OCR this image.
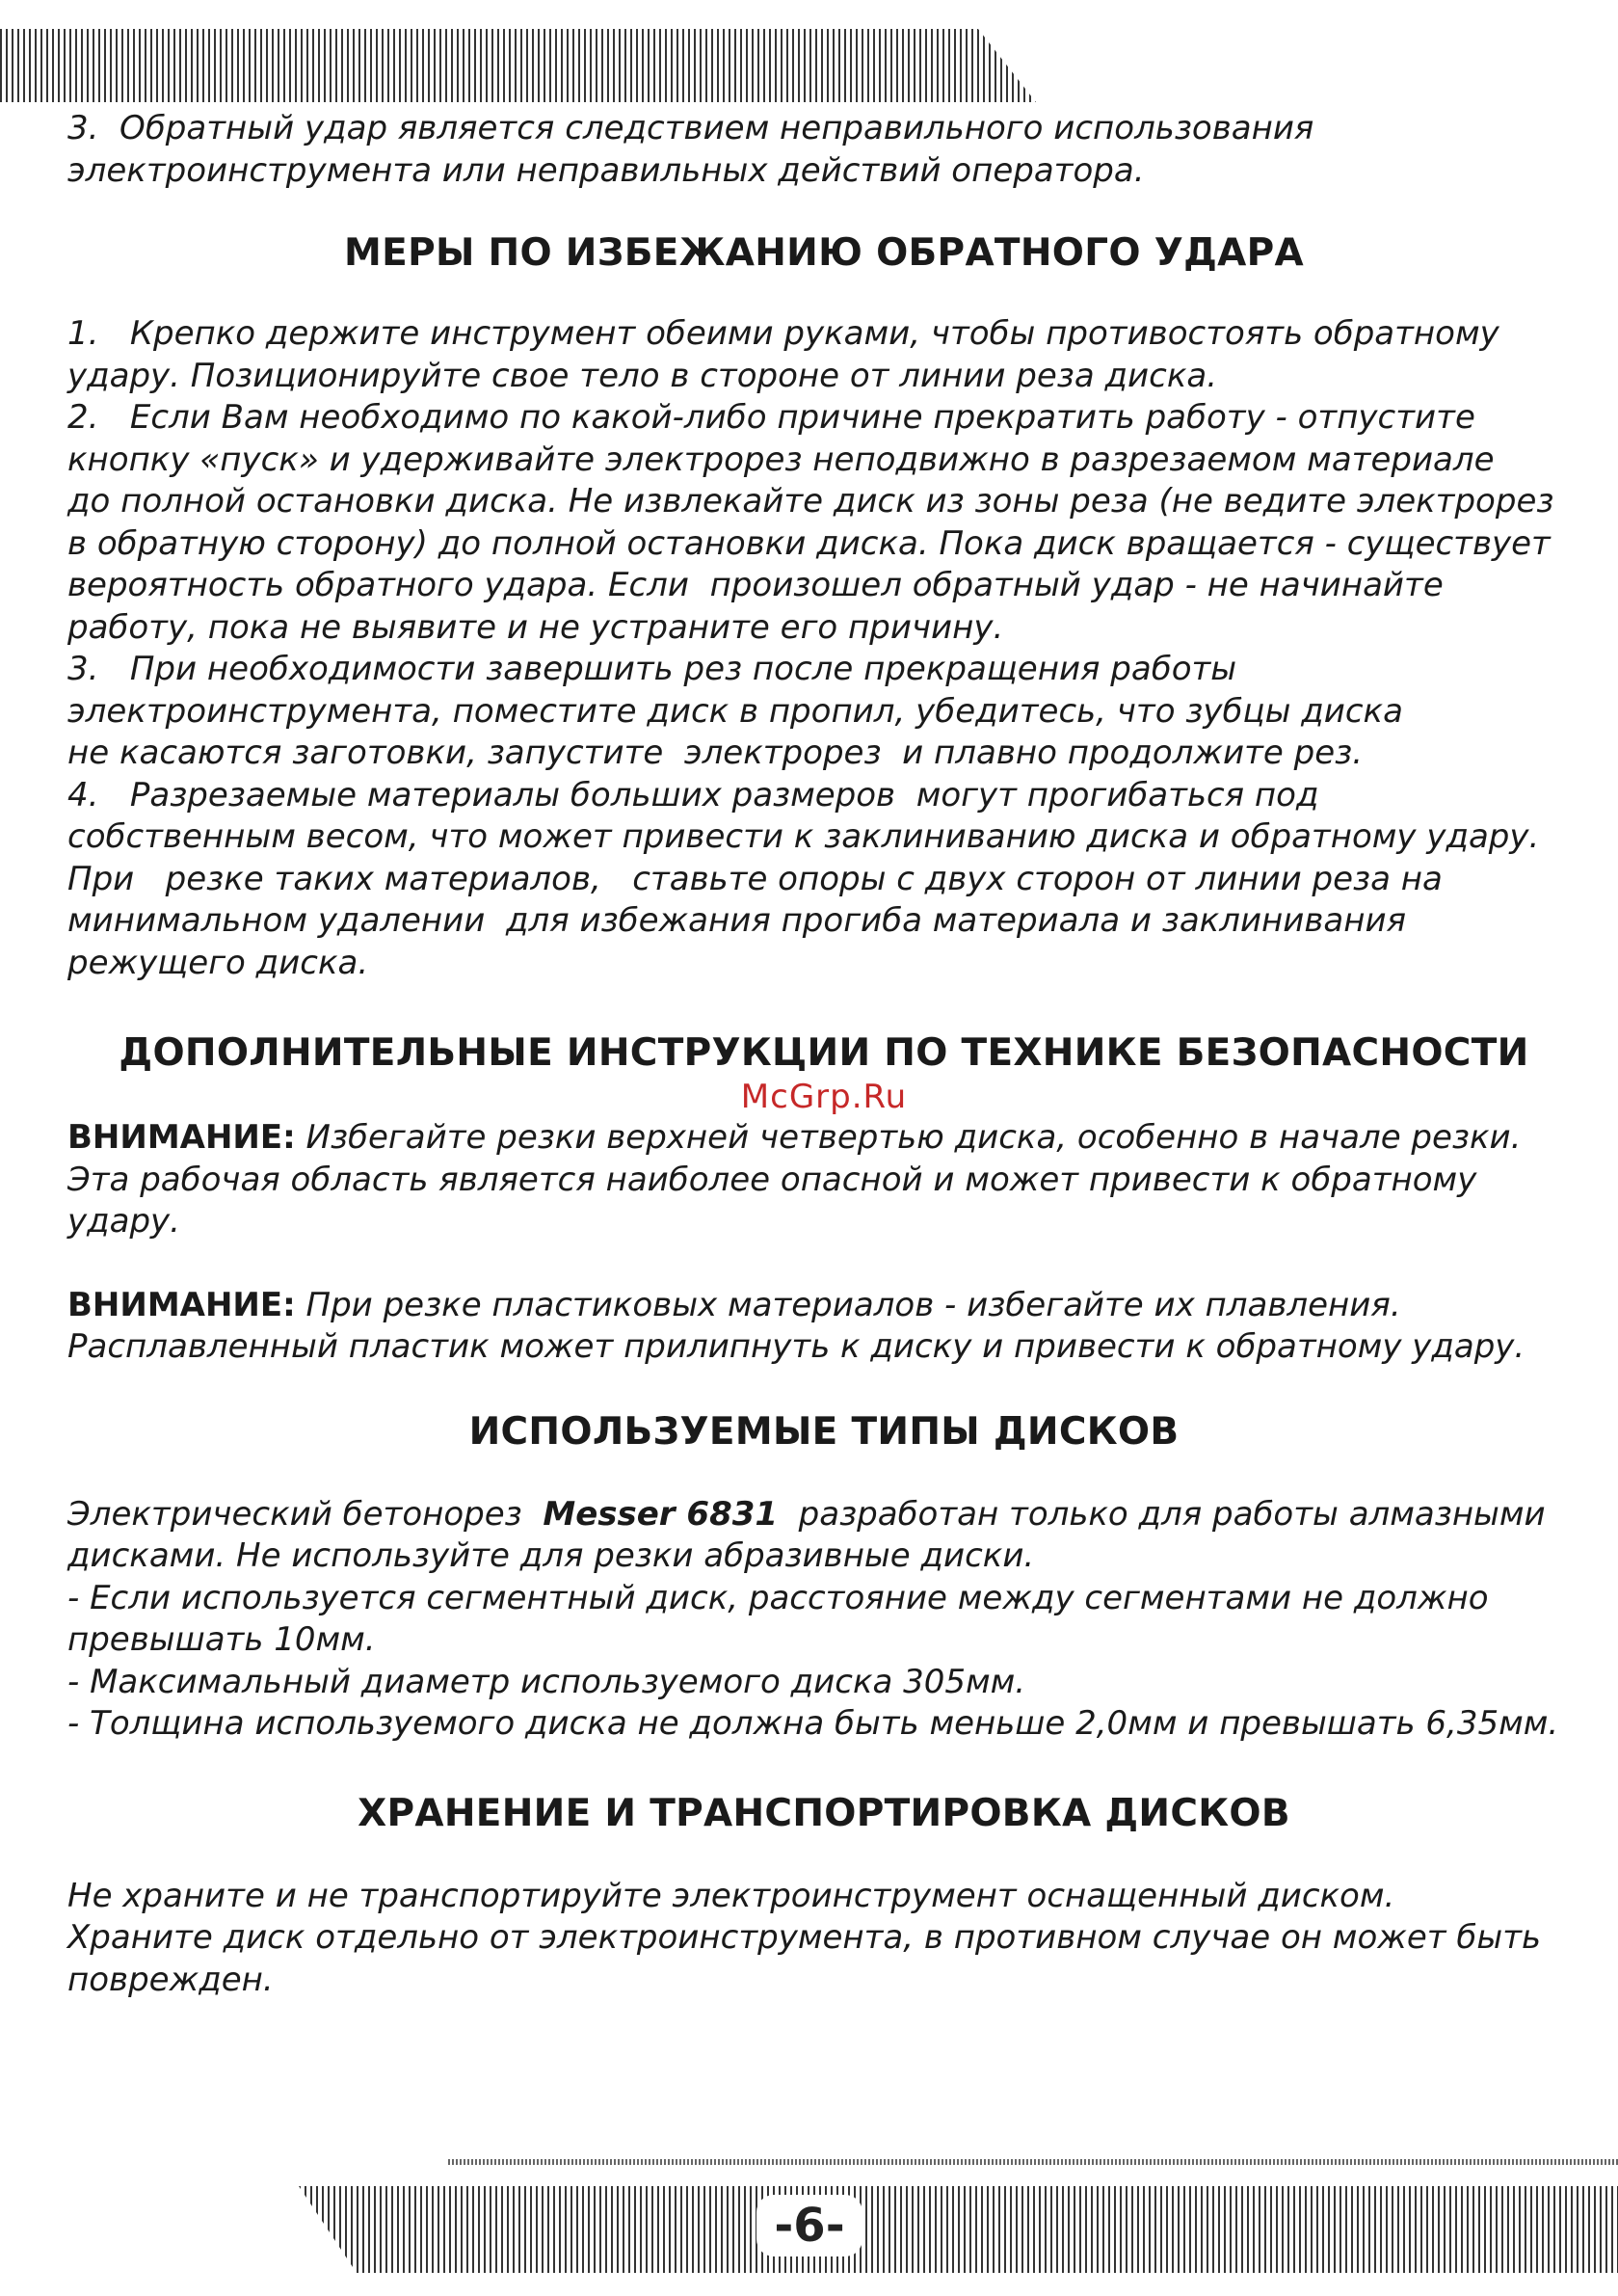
3.  Обратный удар является следствием неправильного использования

электроинструмента или неправильных действий оператора.

МЕРЫ ПО ИЗБЕЖАНИЮ ОБРАТНОГО УДАРА

1.   Крепко держите инструмент обеими руками, чтобы противостоять обратному

удару. Позиционируйте свое тело в стороне от линии реза диска.

2.   Если Вам необходимо по какой-либо причине прекратить работу - отпустите

кнопку «пуск» и удерживайте электрорез неподвижно в разрезаемом материале

до полной остановки диска. Не извлекайте диск из зоны реза (не ведите электрорез

в обратную сторону) до полной остановки диска. Пока диск вращается - существует

вероятность обратного удара. Если  произошел обратный удар - не начинайте

работу, пока не выявите и не устраните его причину.

3.   При необходимости завершить рез после прекращения работы

электроинструмента, поместите диск в пропил, убедитесь, что зубцы диска

не касаются заготовки, запустите  электрорез  и плавно продолжите рез.

4.   Разрезаемые материалы больших размеров  могут прогибаться под

собственным весом, что может привести к заклиниванию диска и обратному удару.

При   резке таких материалов,   ставьте опоры с двух сторон от линии реза на

минимальном удалении  для избежания прогиба материала и заклинивания

режущего диска.

ДОПОЛНИТЕЛЬНЫЕ ИНСТРУКЦИИ ПО ТЕХНИКЕ БЕЗОПАСНОСТИ

McGrp.Ru

ВНИМАНИЕ: Избегайте резки верхней четвертью диска, особенно в начале резки.

Эта рабочая область является наиболее опасной и может привести к обратному

удару.

ВНИМАНИЕ: При резке пластиковых материалов - избегайте их плавления.

Расплавленный пластик может прилипнуть к диску и привести к обратному удару.

ИСПОЛЬЗУЕМЫЕ ТИПЫ ДИСКОВ

Электрический бетонорез  Messer 6831  разработан только для работы алмазными

дисками. Не используйте для резки абразивные диски.

- Если используется сегментный диск, расстояние между сегментами не должно

превышать 10мм.

- Максимальный диаметр используемого диска 305мм.

- Толщина используемого диска не должна быть меньше 2,0мм и превышать 6,35мм.

ХРАНЕНИЕ И ТРАНСПОРТИРОВКА ДИСКОВ

Не храните и не транспортируйте электроинструмент оснащенный диском.

Храните диск отдельно от электроинструмента, в противном случае он может быть

поврежден.

-6-
